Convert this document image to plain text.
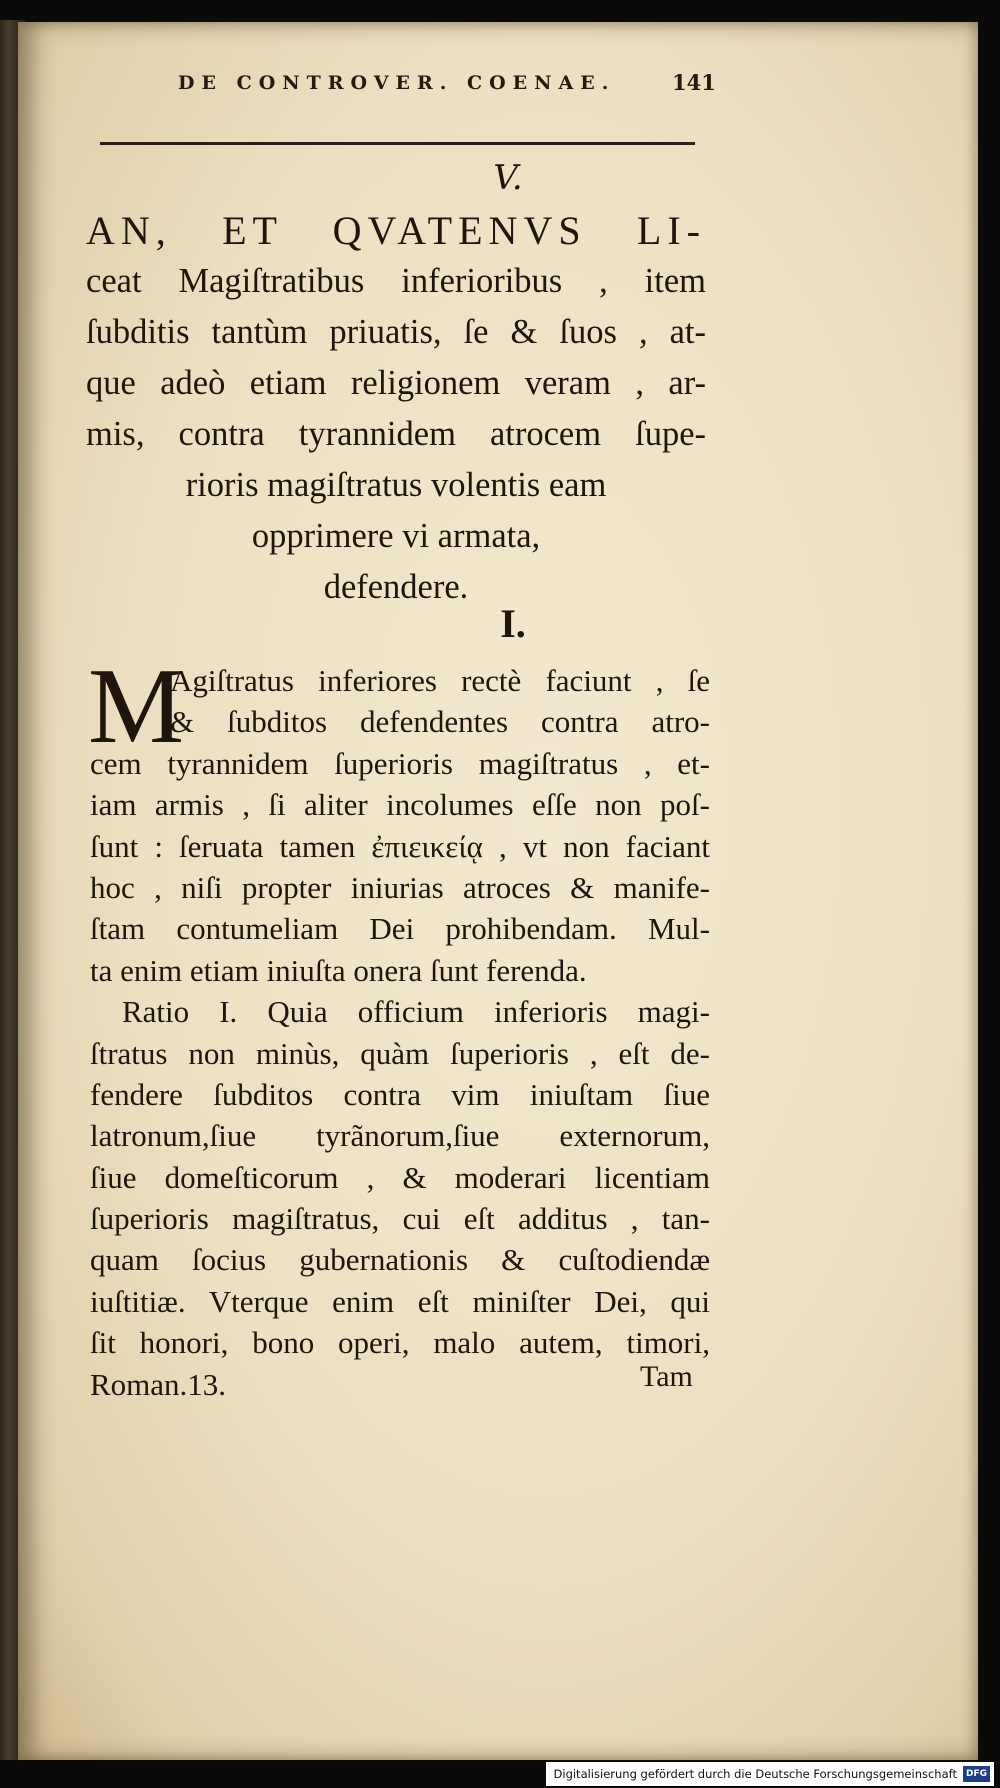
DE CONTROVER. COENAE.	141
V.
AN, ET QVATENVS LI-
ceat Magiſtratibus inferioribus , item
ſubditis tantùm priuatis, ſe & ſuos , at-
que adeò etiam religionem veram , ar-
mis, contra tyrannidem atrocem ſupe-
rioris magiſtratus volentis eam
opprimere vi armata,
defendere.
I.
M
Agiſtratus inferiores rectè faciunt , ſe
& ſubditos defendentes contra atro-
cem tyrannidem ſuperioris magiſtratus , et-
iam armis , ſi aliter incolumes eſſe non poſ-
ſunt : ſeruata tamen ἐπιεικείᾳ , vt non faciant
hoc , niſi propter iniurias atroces & manife-
ſtam contumeliam Dei prohibendam. Mul-
ta enim etiam iniuſta onera ſunt ferenda.
Ratio I. Quia officium inferioris magi-
ſtratus non minùs, quàm ſuperioris , eſt de-
fendere ſubditos contra vim iniuſtam ſiue
latronum,ſiue tyrãnorum,ſiue externorum,
ſiue domeſticorum , & moderari licentiam
ſuperioris magiſtratus, cui eſt additus , tan-
quam ſocius gubernationis & cuſtodiendæ
iuſtitiæ. Vterque enim eſt miniſter Dei, qui
ſit honori, bono operi, malo autem, timori,
Roman.13.	Tam
Digitalisierung gefördert durch die Deutsche Forschungsgemeinschaft	DFG
